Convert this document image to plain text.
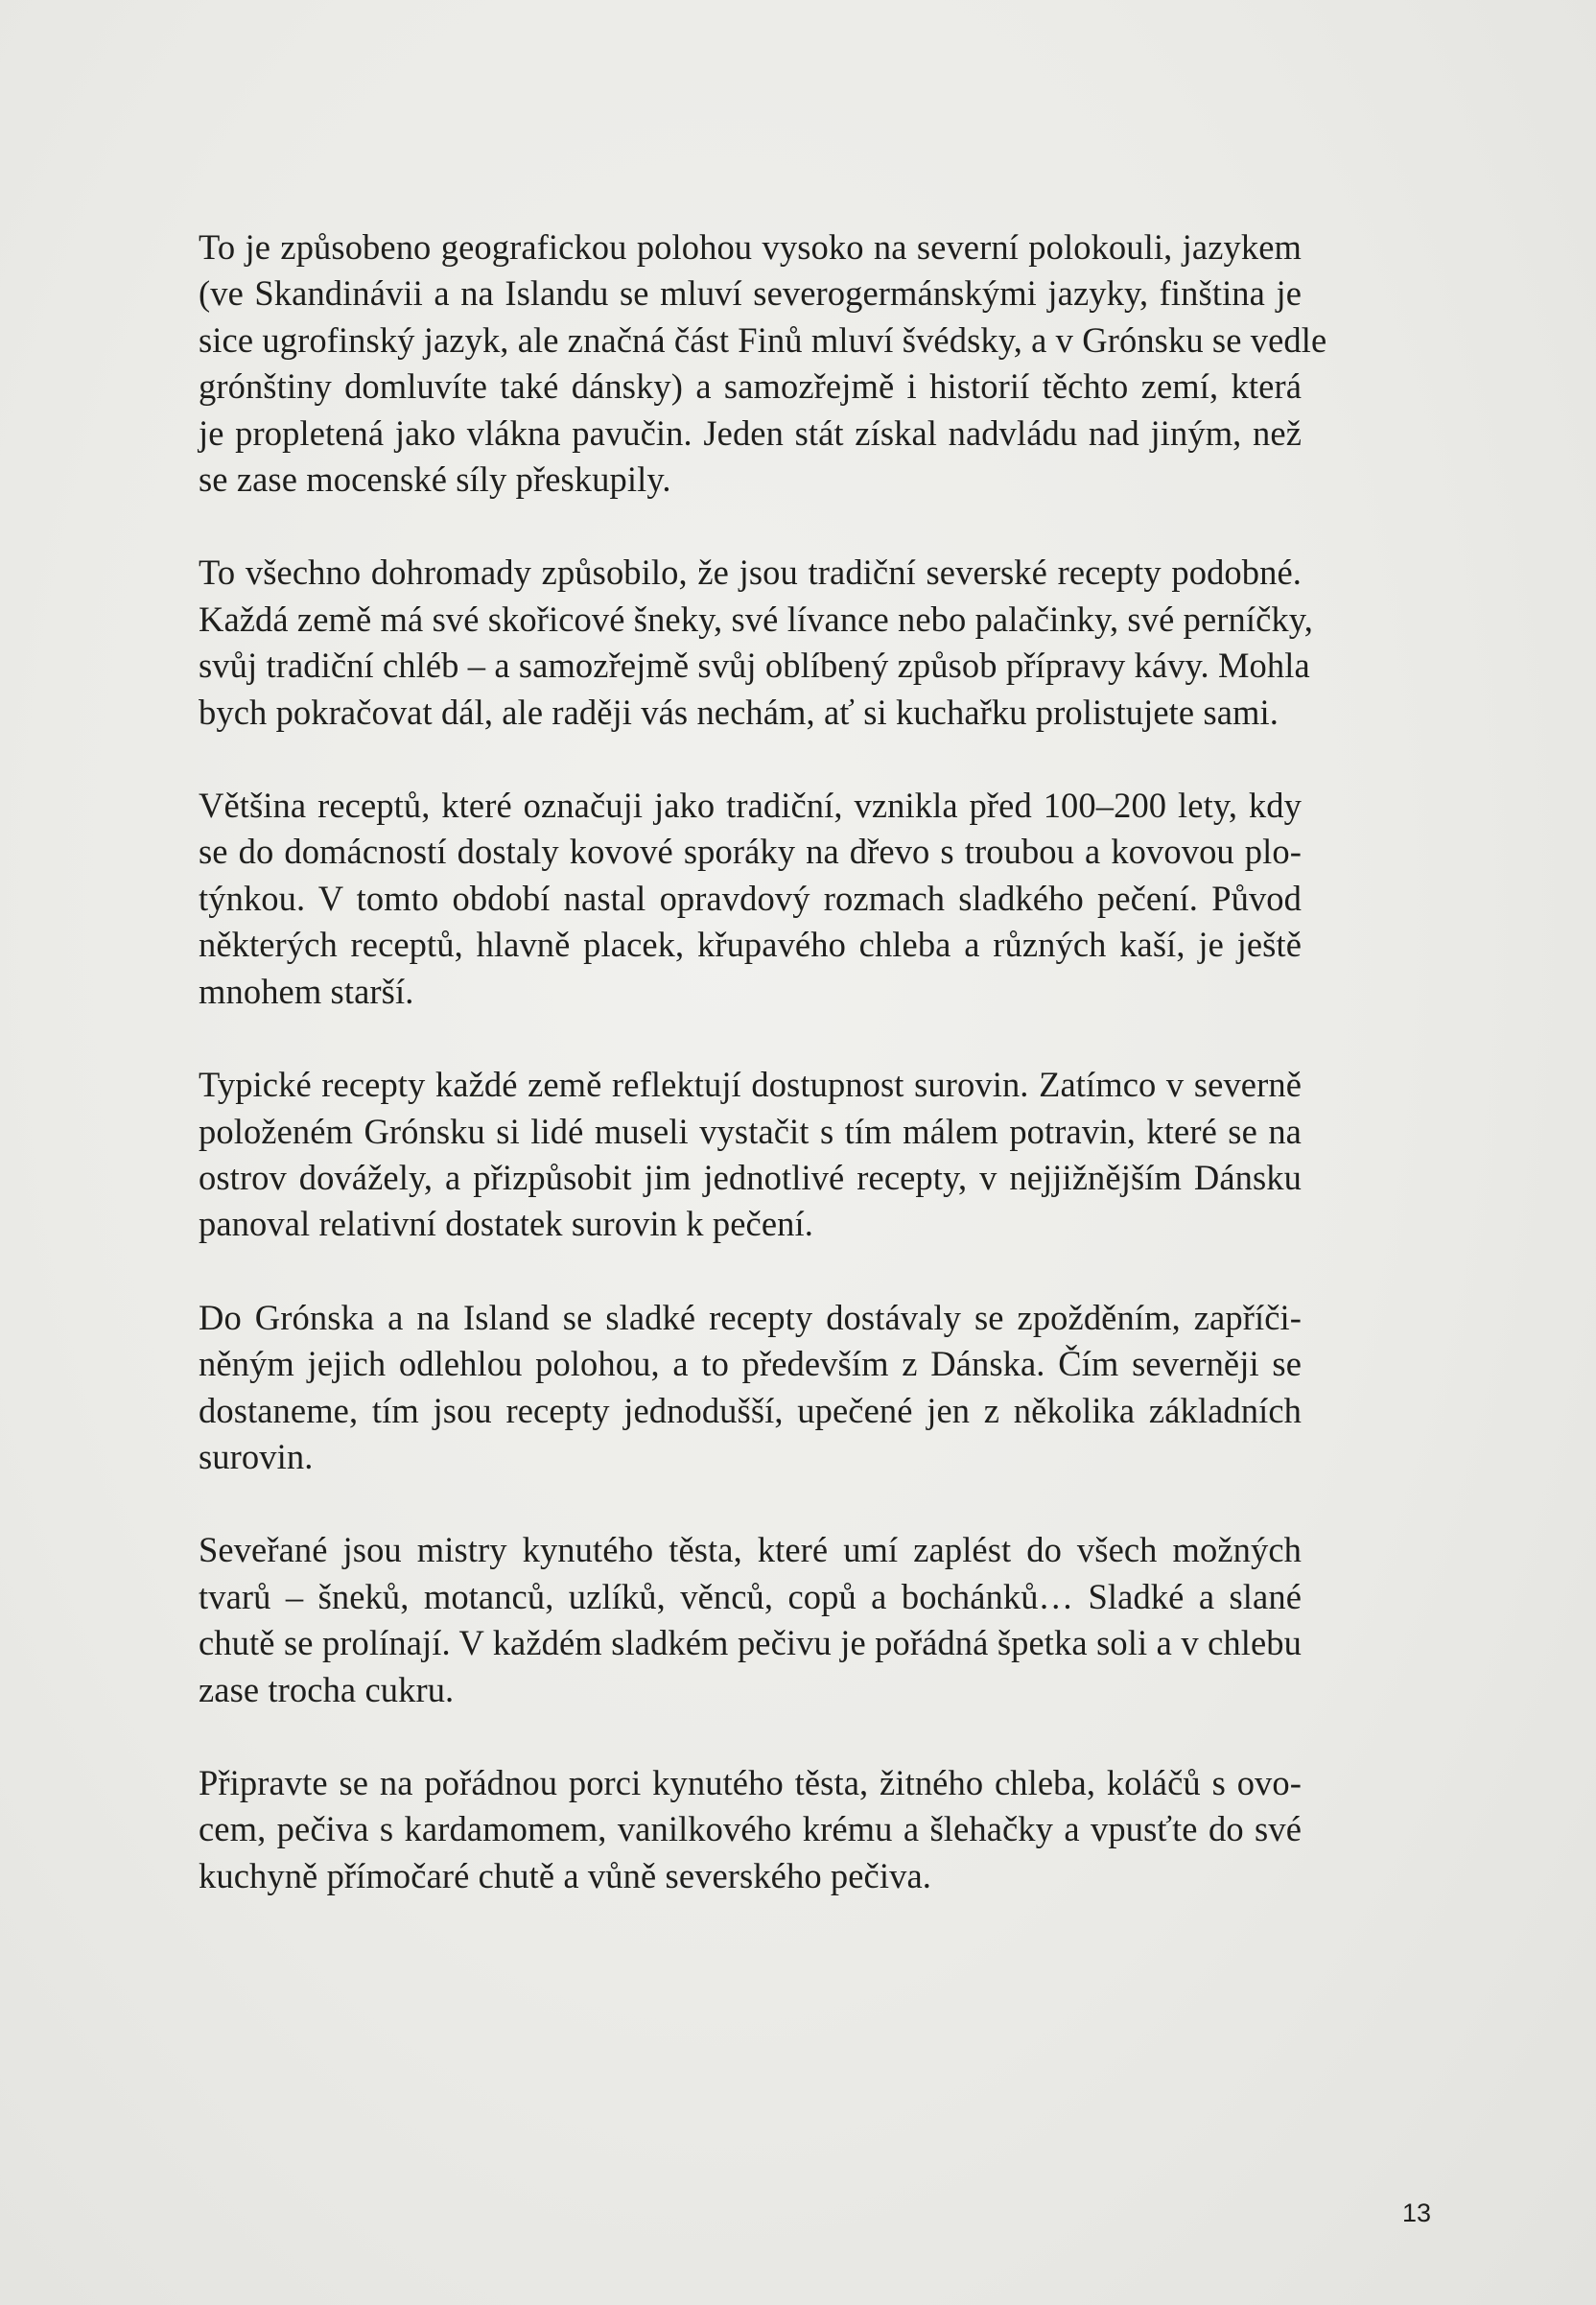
To je způsobeno geografickou polohou vysoko na severní polokouli, jazykem
(ve Skandinávii a na Islandu se mluví severogermánskými jazyky, finština je
sice ugrofinský jazyk, ale značná část Finů mluví švédsky, a v Grónsku se vedle
grónštiny domluvíte také dánsky) a samozřejmě i historií těchto zemí, která
je propletená jako vlákna pavučin. Jeden stát získal nadvládu nad jiným, než
se zase mocenské síly přeskupily.

To všechno dohromady způsobilo, že jsou tradiční severské recepty podobné.
Každá země má své skořicové šneky, své lívance nebo palačinky, své perníčky,
svůj tradiční chléb – a samozřejmě svůj oblíbený způsob přípravy kávy. Mohla
bych pokračovat dál, ale raději vás nechám, ať si kuchařku prolistujete sami.

Většina receptů, které označuji jako tradiční, vznikla před 100–200 lety, kdy
se do domácností dostaly kovové sporáky na dřevo s troubou a kovovou plo-
týnkou. V tomto období nastal opravdový rozmach sladkého pečení. Původ
některých receptů, hlavně placek, křupavého chleba a různých kaší, je ještě
mnohem starší.

Typické recepty každé země reflektují dostupnost surovin. Zatímco v severně
položeném Grónsku si lidé museli vystačit s tím málem potravin, které se na
ostrov dovážely, a přizpůsobit jim jednotlivé recepty, v nejjižnějším Dánsku
panoval relativní dostatek surovin k pečení.

Do Grónska a na Island se sladké recepty dostávaly se zpožděním, zapříči-
něným jejich odlehlou polohou, a to především z Dánska. Čím severněji se
dostaneme, tím jsou recepty jednodušší, upečené jen z několika základních
surovin.

Seveřané jsou mistry kynutého těsta, které umí zaplést do všech možných
tvarů – šneků, motanců, uzlíků, věnců, copů a bochánků… Sladké a slané
chutě se prolínají. V každém sladkém pečivu je pořádná špetka soli a v chlebu
zase trocha cukru.

Připravte se na pořádnou porci kynutého těsta, žitného chleba, koláčů s ovo-
cem, pečiva s kardamomem, vanilkového krému a šlehačky a vpusťte do své
kuchyně přímočaré chutě a vůně severského pečiva.

13
